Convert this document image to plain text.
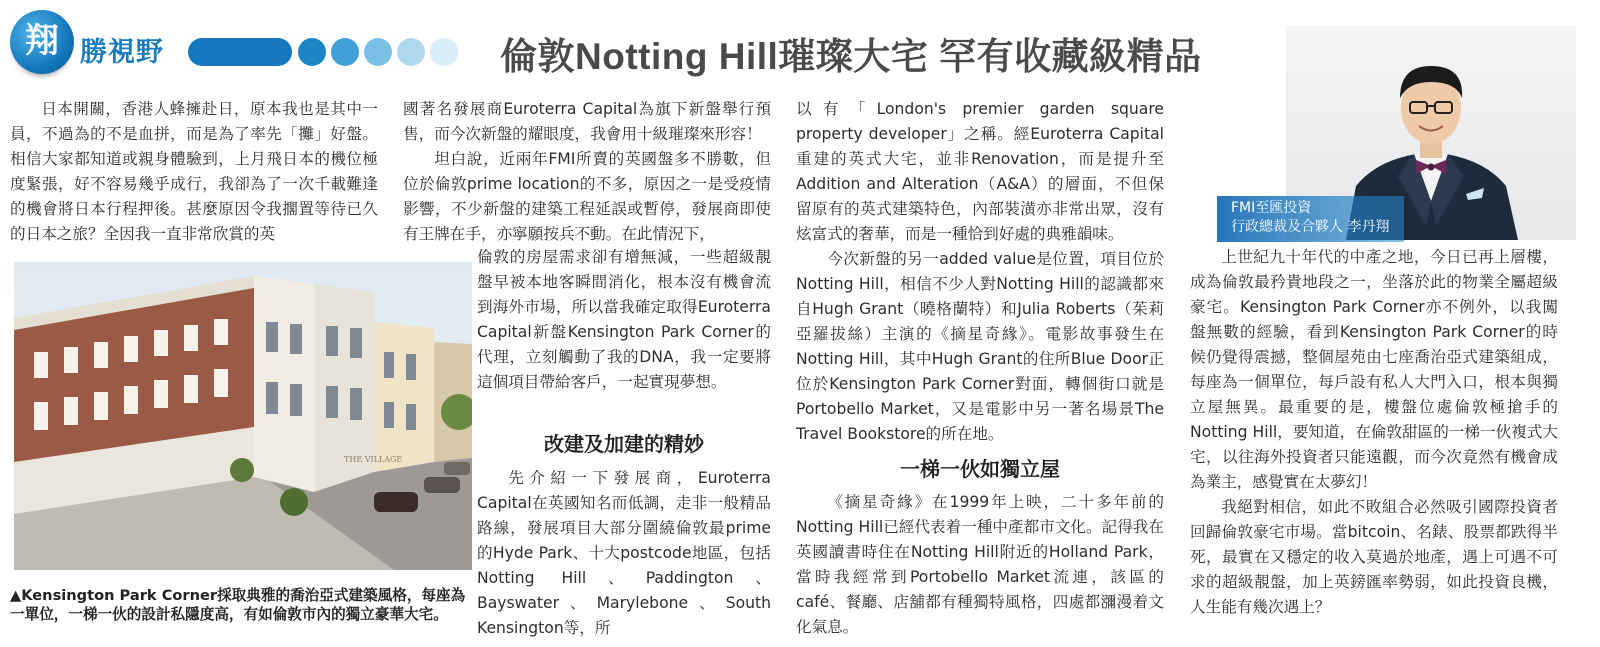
翔 勝視野	倫敦Notting Hill璀璨大宅 罕有收藏級精品
FMI至匯投資
行政總裁及合夥人 李丹翔

日本開關，香港人蜂擁赴日，原本我也是其中一員，不過為的不是血拼，而是為了率先「攤」好盤。相信大家都知道或親身體驗到，上月飛日本的機位極度緊張，好不容易幾乎成行，我卻為了一次千載難逢的機會將日本行程押後。甚麼原因令我擱置等待已久的日本之旅？全因我一直非常欣賞的英

THE VILLAGE
▲Kensington Park Corner採取典雅的喬治亞式建築風格，每座為一單位，一梯一伙的設計私隱度高，有如倫敦市內的獨立豪華大宅。

國著名發展商Euroterra Capital為旗下新盤舉行預售，而今次新盤的耀眼度，我會用十級璀璨來形容！

坦白說，近兩年FMI所賣的英國盤多不勝數，但位於倫敦prime location的不多，原因之一是受疫情影響，不少新盤的建築工程延誤或暫停，發展商即使有王牌在手，亦寧願按兵不動。在此情況下，

倫敦的房屋需求卻有增無減，一些超級靚盤早被本地客瞬間消化，根本沒有機會流到海外市場，所以當我確定取得Euroterra Capital新盤Kensington Park Corner的代理，立刻觸動了我的DNA，我一定要將這個項目帶給客戶，一起實現夢想。

改建及加建的精妙

先介紹一下發展商，Euroterra Capital在英國知名而低調，走非一般精品路線，發展項目大部分圍繞倫敦最prime的Hyde Park、十大postcode地區，包括Notting Hill、Paddington、Bayswater、Marylebone、South Kensington等，所

以有「London's premier garden square property developer」之稱。經Euroterra Capital重建的英式大宅，並非Renovation，而是提升至Addition and Alteration（A&A）的層面，不但保留原有的英式建築特色，內部裝潢亦非常出眾，沒有炫富式的奢華，而是一種恰到好處的典雅韻味。

今次新盤的另一added value是位置，項目位於Notting Hill，相信不少人對Notting Hill的認識都來自Hugh Grant（曉格蘭特）和Julia Roberts（茱莉亞羅拔絲）主演的《摘星奇緣》。電影故事發生在Notting Hill，其中Hugh Grant的住所Blue Door正位於Kensington Park Corner對面，轉個街口就是Portobello Market，又是電影中另一著名場景The Travel Bookstore的所在地。

一梯一伙如獨立屋

《摘星奇緣》在1999年上映，二十多年前的Notting Hill已經代表着一種中產都市文化。記得我在英國讀書時住在Notting Hill附近的Holland Park，當時我經常到Portobello Market流連，該區的café、餐廳、店舖都有種獨特風格，四處都瀰漫着文化氣息。

上世紀九十年代的中產之地，今日已再上層樓，成為倫敦最矜貴地段之一，坐落於此的物業全屬超級豪宅。Kensington Park Corner亦不例外，以我闖盤無數的經驗，看到Kensington Park Corner的時候仍覺得震撼，整個屋苑由七座喬治亞式建築組成，每座為一個單位，每戶設有私人大門入口，根本與獨立屋無異。最重要的是，樓盤位處倫敦極搶手的Notting Hill，要知道，在倫敦甜區的一梯一伙複式大宅，以往海外投資者只能遠觀，而今次竟然有機會成為業主，感覺實在太夢幻！

我絕對相信，如此不敗組合必然吸引國際投資者回歸倫敦豪宅市場。當bitcoin、名錶、股票都跌得半死，最實在又穩定的收入莫過於地產，遇上可遇不可求的超級靚盤，加上英鎊匯率勢弱，如此投資良機，人生能有幾次遇上？
